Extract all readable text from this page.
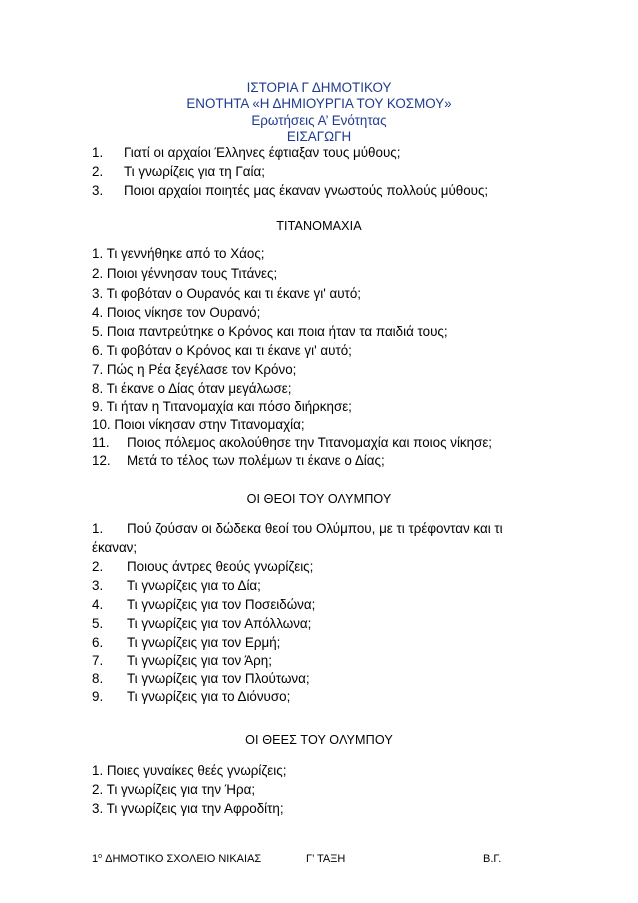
ΙΣΤΟΡΙΑ Γ ΔΗΜΟΤΙΚΟΥ
ΕΝΟΤΗΤΑ «Η ΔΗΜΙΟΥΡΓΙΑ ΤΟΥ ΚΟΣΜΟΥ»
Ερωτήσεις Α’ Ενότητας
ΕΙΣΑΓΩΓΗ
1. Γιατί οι αρχαίοι Έλληνες έφτιαξαν τους μύθους;
2. Τι γνωρίζεις για τη Γαία;
3. Ποιοι αρχαίοι ποιητές μας έκαναν γνωστούς πολλούς μύθους;
ΤΙΤΑΝΟΜΑΧΙΑ
1. Τι γεννήθηκε από το Χάος;
2. Ποιοι γέννησαν τους Τιτάνες;
3. Τι φοβόταν ο Ουρανός και τι έκανε γι' αυτό;
4. Ποιος νίκησε τον Ουρανό;
5. Ποια παντρεύτηκε ο Κρόνος και ποια ήταν τα παιδιά τους;
6. Τι φοβόταν ο Κρόνος και τι έκανε γι' αυτό;
7. Πώς η Ρέα ξεγέλασε τον Κρόνο;
8. Τι έκανε ο Δίας όταν μεγάλωσε;
9. Τι ήταν η Τιτανομαχία και πόσο διήρκησε;
10. Ποιοι νίκησαν στην Τιτανομαχία;
11. Ποιος πόλεμος ακολούθησε την Τιτανομαχία και ποιος νίκησε;
12. Μετά το τέλος των πολέμων τι έκανε ο Δίας;
ΟΙ ΘΕΟΙ ΤΟΥ ΟΛΥΜΠΟΥ
1. Πού ζούσαν οι δώδεκα θεοί του Ολύμπου, με τι τρέφονταν και τι
έκαναν;
2. Ποιους άντρες θεούς γνωρίζεις;
3. Τι γνωρίζεις για το Δία;
4. Τι γνωρίζεις για τον Ποσειδώνα;
5. Τι γνωρίζεις για τον Απόλλωνα;
6. Τι γνωρίζεις για τον Ερμή;
7. Τι γνωρίζεις για τον Άρη;
8. Τι γνωρίζεις για τον Πλούτωνα;
9. Τι γνωρίζεις για το Διόνυσο;
ΟΙ ΘΕΕΣ ΤΟΥ ΟΛΥΜΠΟΥ
1. Ποιες γυναίκες θεές γνωρίζεις;
2. Τι γνωρίζεις για την Ήρα;
3. Τι γνωρίζεις για την Αφροδίτη;
$1^o$ ΔΗΜΟΤΙΚΟ ΣΧΟΛΕΙΟ ΝΙΚΑΙΑΣ	Γ’ ΤΑΞΗ	Β.Γ.
